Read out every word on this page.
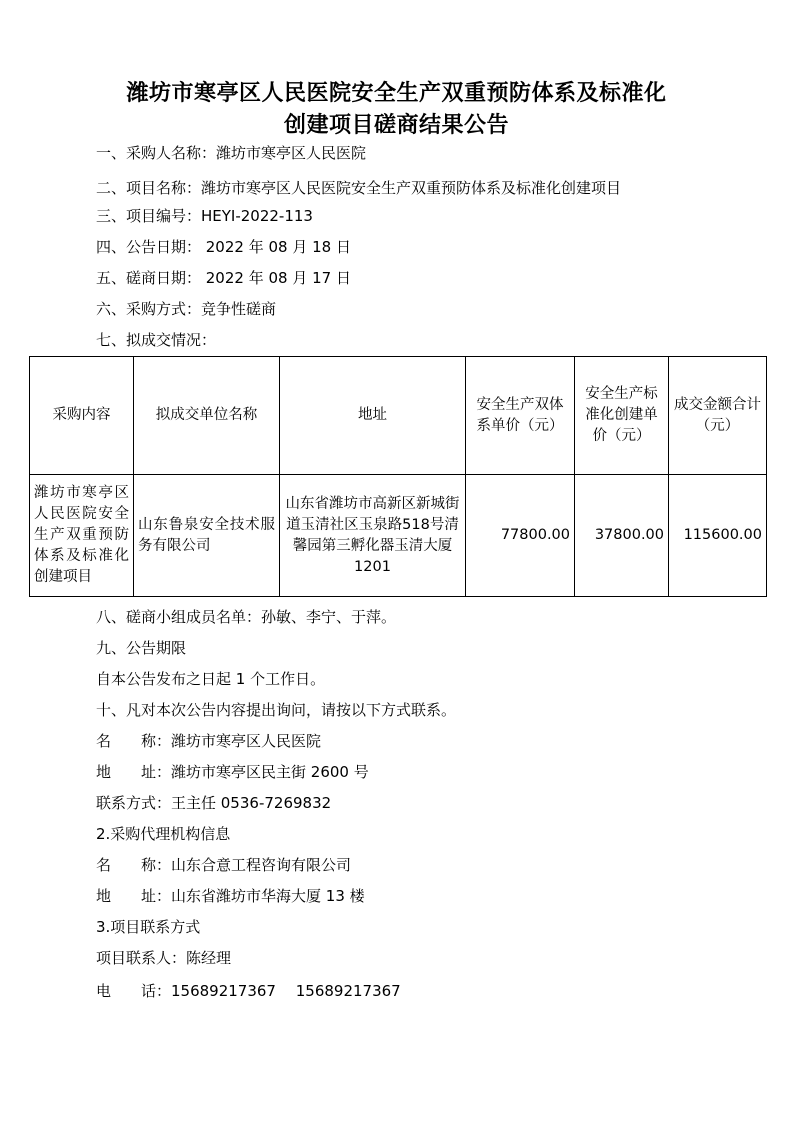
潍坊市寒亭区人民医院安全生产双重预防体系及标准化
创建项目磋商结果公告
一、采购人名称：潍坊市寒亭区人民医院
二、项目名称：潍坊市寒亭区人民医院安全生产双重预防体系及标准化创建项目
三、项目编号：HEYI-2022-113
四、公告日期： 2022 年 08 月 18 日
五、磋商日期： 2022 年 08 月 17 日
六、采购方式：竞争性磋商
七、拟成交情况：
采购内容	拟成交单位名称	地址	安全生产双体系单价（元）	安全生产标准化创建单价（元）	成交金额合计（元）
潍坊市寒亭区人民医院安全生产双重预防体系及标准化创建项目	山东鲁泉安全技术服务有限公司	山东省潍坊市高新区新城街道玉清社区玉泉路518号清馨园第三孵化器玉清大厦1201	77800.00	37800.00	115600.00
八、磋商小组成员名单：孙敏、李宁、于萍。
九、公告期限
自本公告发布之日起 1 个工作日。
十、凡对本次公告内容提出询问，请按以下方式联系。
名　　称：潍坊市寒亭区人民医院
地　　址：潍坊市寒亭区民主街 2600 号
联系方式：王主任 0536-7269832
2.采购代理机构信息
名　　称：山东合意工程咨询有限公司
地　　址：山东省潍坊市华海大厦 13 楼
3.项目联系方式
项目联系人：陈经理
电　　话：15689217367　 15689217367
